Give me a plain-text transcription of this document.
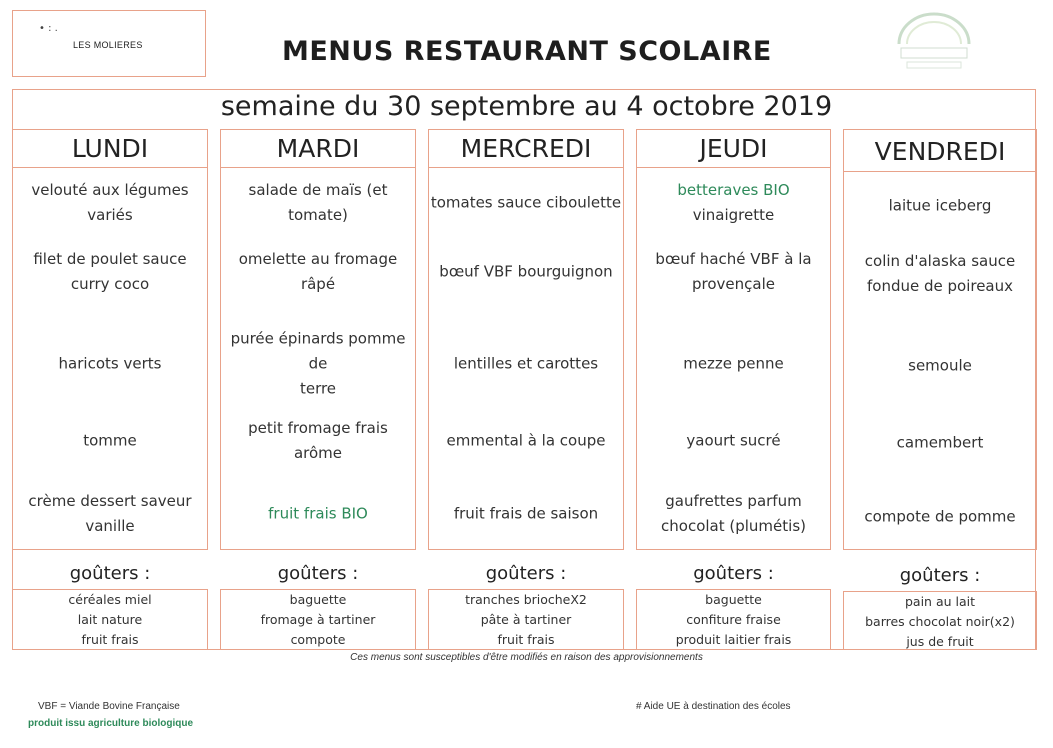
• : .
LES MOLIERES	MENUS RESTAURANT SCOLAIRE
semaine du 30 septembre au 4 octobre 2019
LUNDI
velouté aux légumes
variés
filet de poulet sauce
curry coco
haricots verts
tomme
crème dessert saveur
vanille
goûters :
céréales miel
lait nature
fruit frais
MARDI
salade de maïs (et
tomate)
omelette au fromage
râpé
purée épinards pomme de
terre
petit fromage frais
arôme
fruit frais BIO
goûters :
baguette
fromage à tartiner
compote
MERCREDI
tomates sauce ciboulette
bœuf VBF bourguignon
lentilles et carottes
emmental à la coupe
fruit frais de saison
goûters :
tranches briocheX2
pâte à tartiner
fruit frais
JEUDI
betteraves BIO
vinaigrette
bœuf haché VBF à la
provençale
mezze penne
yaourt sucré
gaufrettes parfum
chocolat (plumétis)
goûters :
baguette
confiture fraise
produit laitier frais
VENDREDI
laitue iceberg
colin d'alaska sauce
fondue de poireaux
semoule
camembert
compote de pomme
goûters :
pain au lait
barres chocolat noir(x2)
jus de fruit
Ces menus sont susceptibles d'être modifiés en raison des approvisionnements
VBF = Viande Bovine Française
produit issu agriculture biologique
# Aide UE à destination des écoles
